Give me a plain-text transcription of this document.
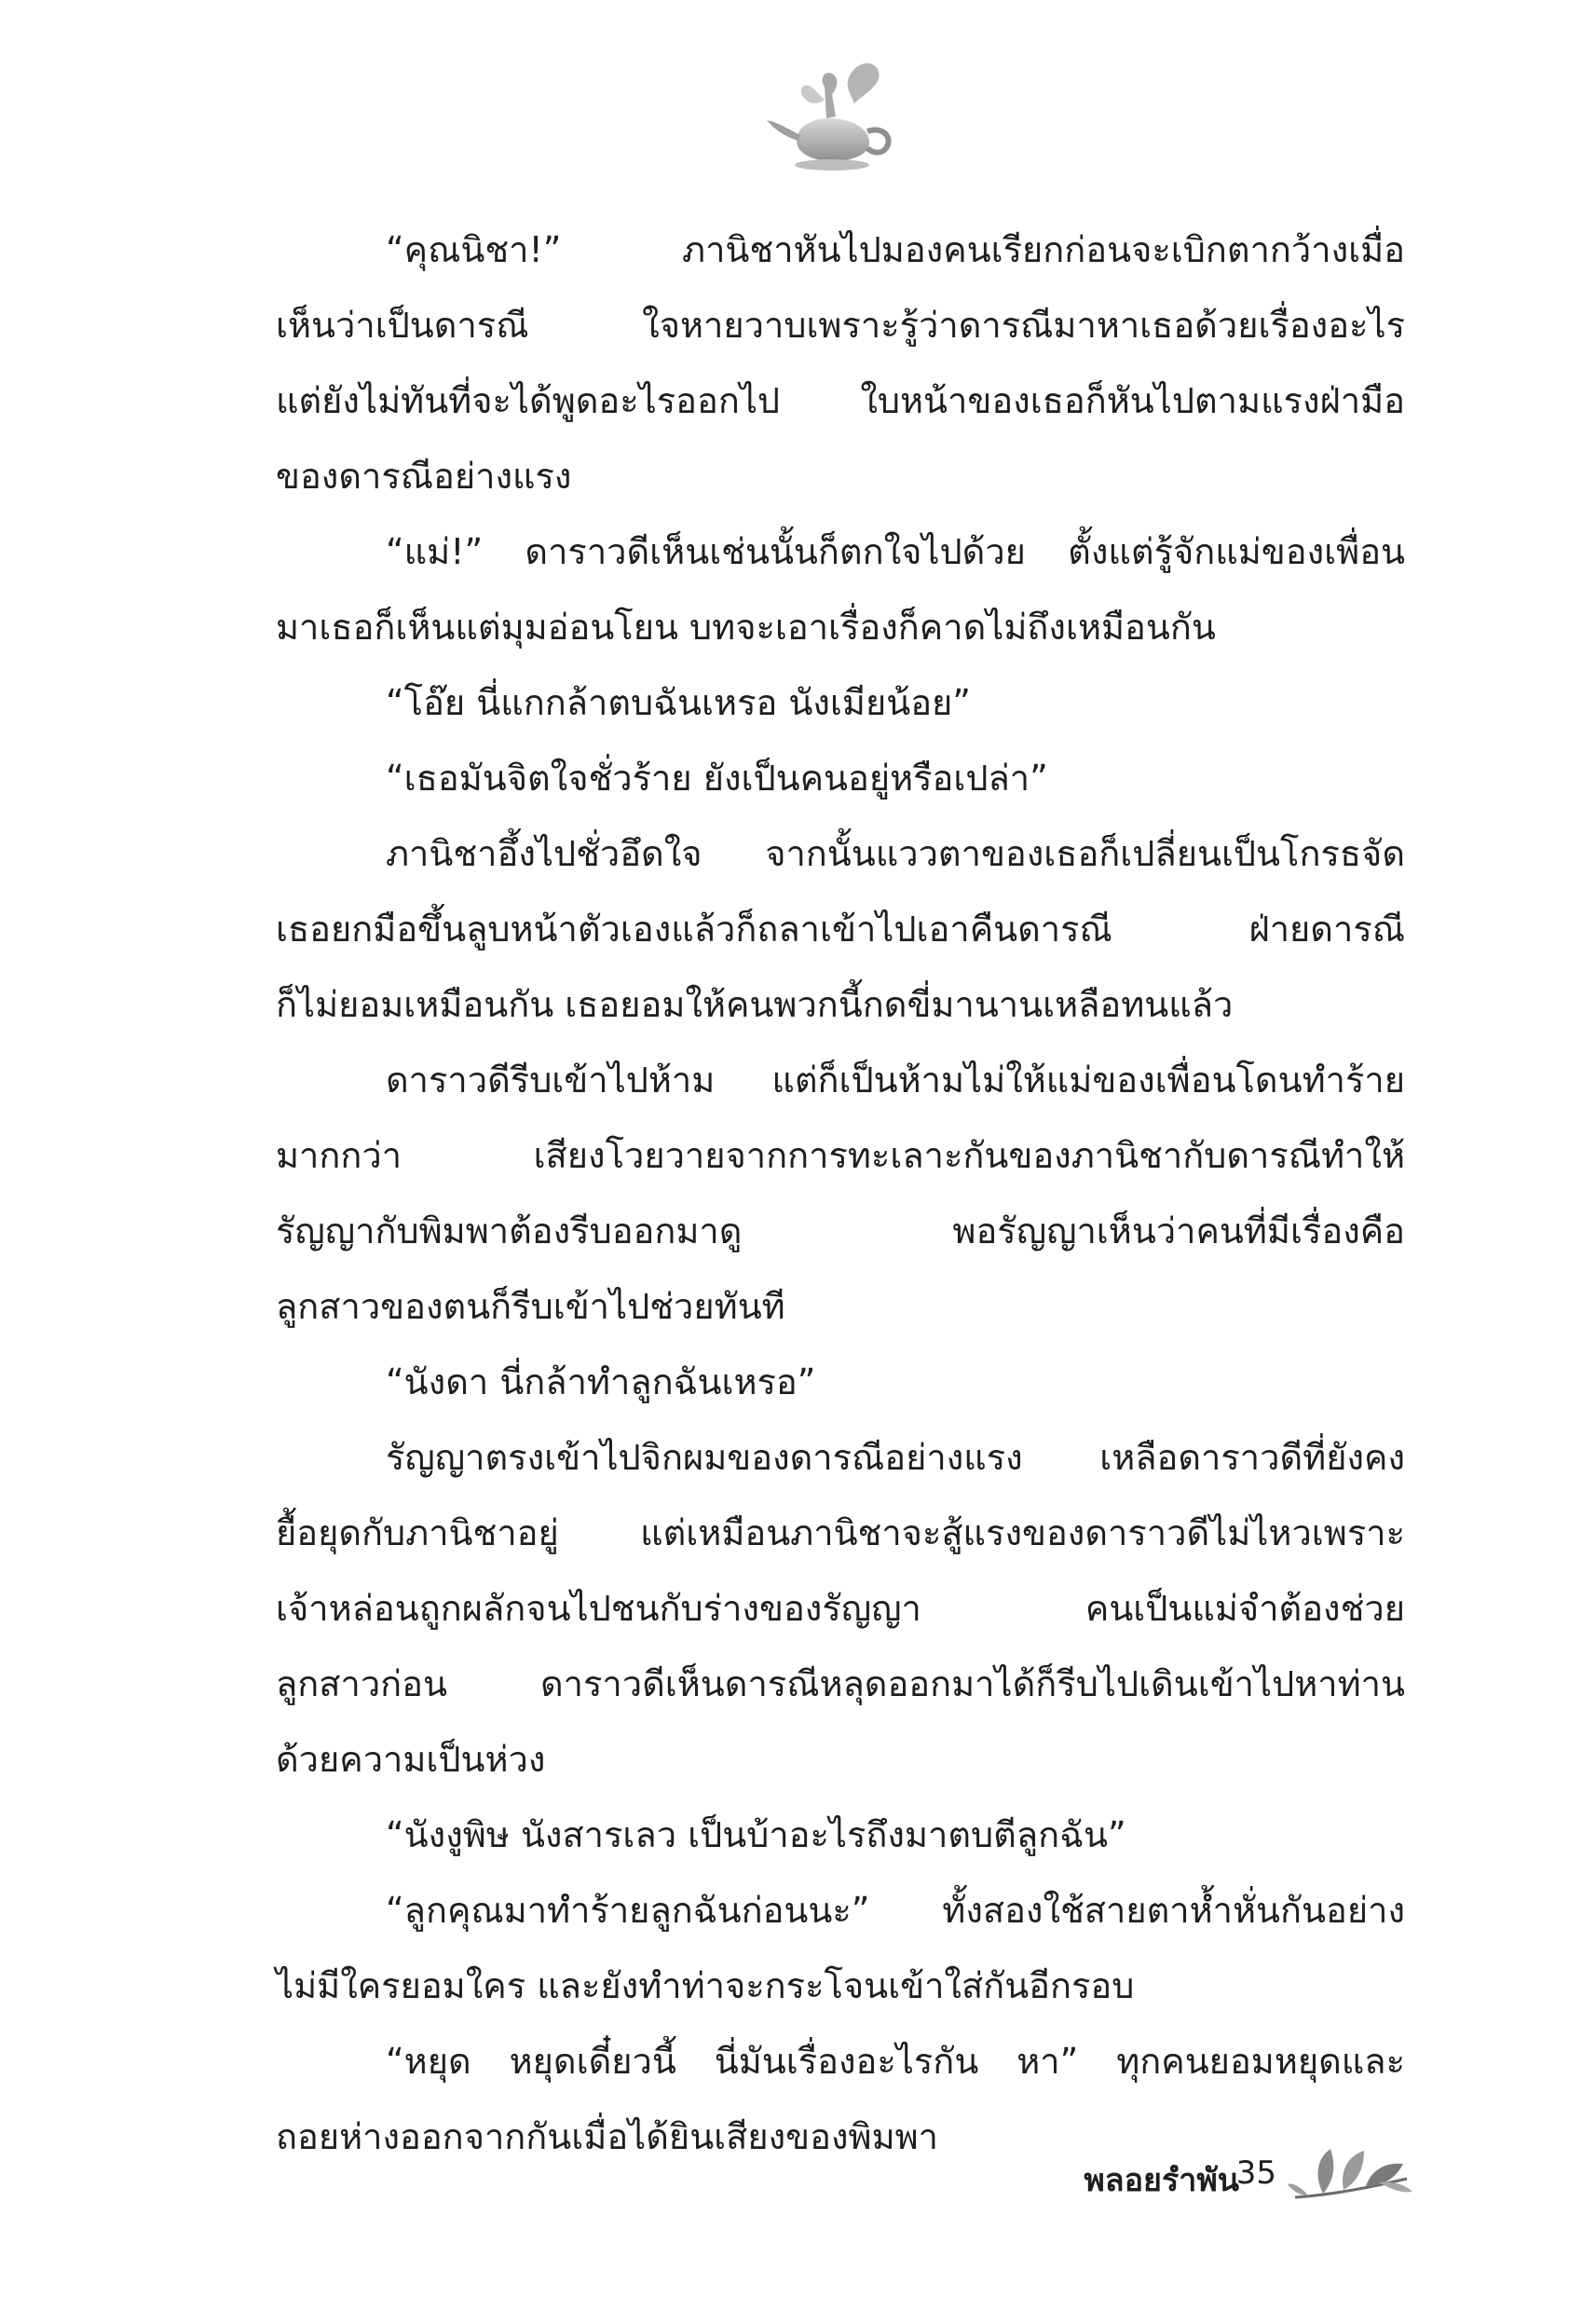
“คุณนิชา!” ภานิชาหันไปมองคนเรียกก่อนจะเบิกตากว้างเมื่อ
เห็นว่าเป็นดารณี ใจหายวาบเพราะรู้ว่าดารณีมาหาเธอด้วยเรื่องอะไร
แต่ยังไม่ทันที่จะได้พูดอะไรออกไป ใบหน้าของเธอก็หันไปตามแรงฝ่ามือ
ของดารณีอย่างแรง
“แม่!” ดาราวดีเห็นเช่นนั้นก็ตกใจไปด้วย ตั้งแต่รู้จักแม่ของเพื่อน
มาเธอก็เห็นแต่มุมอ่อนโยน บทจะเอาเรื่องก็คาดไม่ถึงเหมือนกัน
“โอ๊ย นี่แกกล้าตบฉันเหรอ นังเมียน้อย”
“เธอมันจิตใจชั่วร้าย ยังเป็นคนอยู่หรือเปล่า”
ภานิชาอึ้งไปชั่วอึดใจ จากนั้นแววตาของเธอก็เปลี่ยนเป็นโกรธจัด
เธอยกมือขึ้นลูบหน้าตัวเองแล้วก็ถลาเข้าไปเอาคืนดารณี ฝ่ายดารณี
ก็ไม่ยอมเหมือนกัน เธอยอมให้คนพวกนี้กดขี่มานานเหลือทนแล้ว
ดาราวดีรีบเข้าไปห้าม แต่ก็เป็นห้ามไม่ให้แม่ของเพื่อนโดนทำร้าย
มากกว่า เสียงโวยวายจากการทะเลาะกันของภานิชากับดารณีทำให้
รัญญากับพิมพาต้องรีบออกมาดู พอรัญญาเห็นว่าคนที่มีเรื่องคือ
ลูกสาวของตนก็รีบเข้าไปช่วยทันที
“นังดา นี่กล้าทำลูกฉันเหรอ”
รัญญาตรงเข้าไปจิกผมของดารณีอย่างแรง เหลือดาราวดีที่ยังคง
ยื้อยุดกับภานิชาอยู่ แต่เหมือนภานิชาจะสู้แรงของดาราวดีไม่ไหวเพราะ
เจ้าหล่อนถูกผลักจนไปชนกับร่างของรัญญา คนเป็นแม่จำต้องช่วย
ลูกสาวก่อน ดาราวดีเห็นดารณีหลุดออกมาได้ก็รีบไปเดินเข้าไปหาท่าน
ด้วยความเป็นห่วง
“นังงูพิษ นังสารเลว เป็นบ้าอะไรถึงมาตบตีลูกฉัน”
“ลูกคุณมาทำร้ายลูกฉันก่อนนะ” ทั้งสองใช้สายตาห้ำหั่นกันอย่าง
ไม่มีใครยอมใคร และยังทำท่าจะกระโจนเข้าใส่กันอีกรอบ
“หยุด หยุดเดี๋ยวนี้ นี่มันเรื่องอะไรกัน หา” ทุกคนยอมหยุดและ
ถอยห่างออกจากกันเมื่อได้ยินเสียงของพิมพา
พลอยรำพัน
35
